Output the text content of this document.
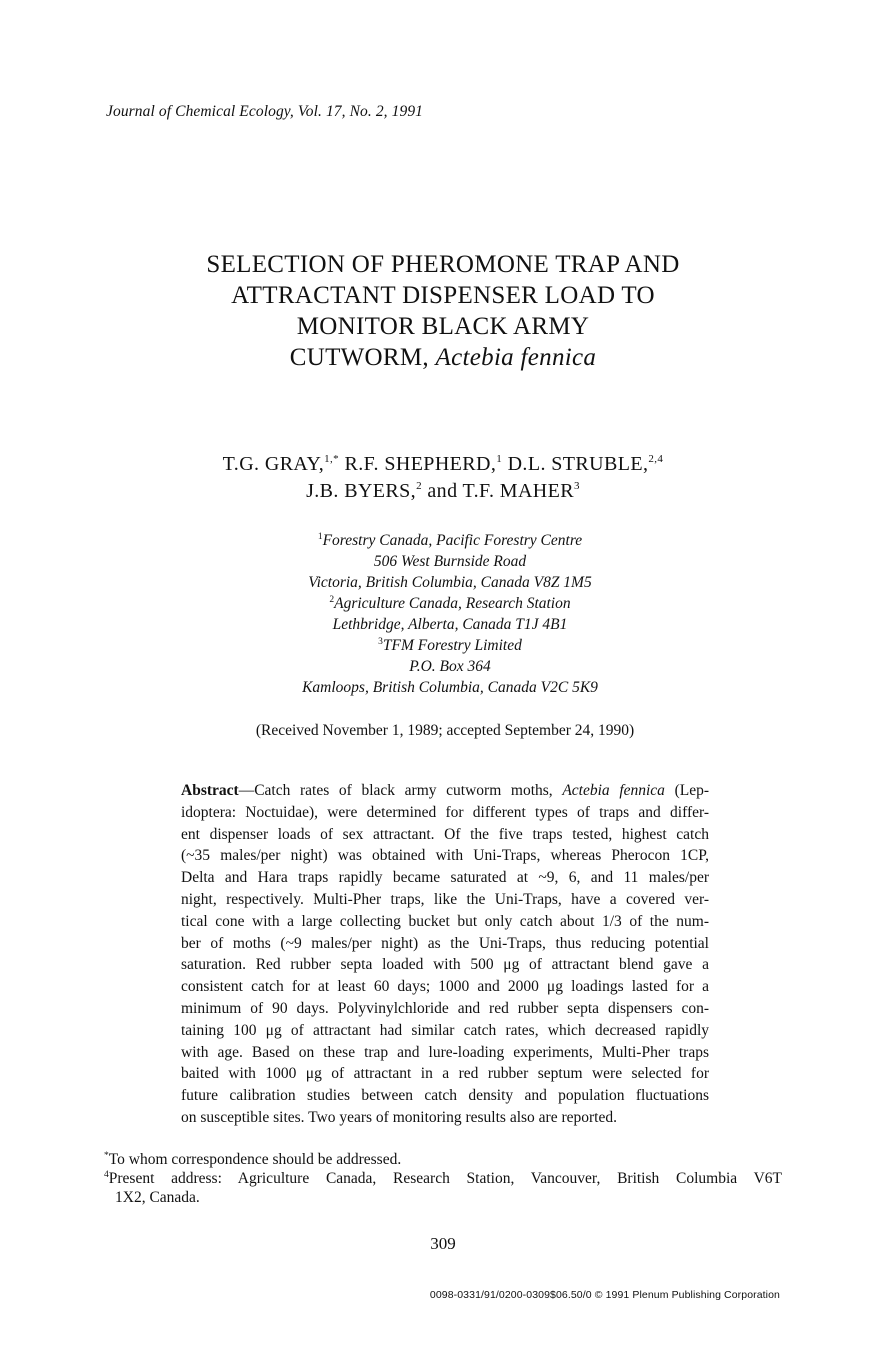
Journal of Chemical Ecology, Vol. 17, No. 2, 1991
SELECTION OF PHEROMONE TRAP AND
ATTRACTANT DISPENSER LOAD TO
MONITOR BLACK ARMY
CUTWORM, Actebia fennica
T.G. GRAY,$^{1,*}$ R.F. SHEPHERD,$^1$ D.L. STRUBLE,$^{2,4}$
J.B. BYERS,$^2$ and T.F. MAHER$^3$
$^1$Forestry Canada, Pacific Forestry Centre
506 West Burnside Road
Victoria, British Columbia, Canada V8Z 1M5
$^2$Agriculture Canada, Research Station
Lethbridge, Alberta, Canada T1J 4B1
$^3$TFM Forestry Limited
P.O. Box 364
Kamloops, British Columbia, Canada V2C 5K9
(Received November 1, 1989; accepted September 24, 1990)
Abstract—Catch rates of black army cutworm moths, Actebia fennica (Lep-
idoptera: Noctuidae), were determined for different types of traps and differ-
ent dispenser loads of sex attractant. Of the five traps tested, highest catch
(~35 males/per night) was obtained with Uni-Traps, whereas Pherocon 1CP,
Delta and Hara traps rapidly became saturated at ~9, 6, and 11 males/per
night, respectively. Multi-Pher traps, like the Uni-Traps, have a covered ver-
tical cone with a large collecting bucket but only catch about 1/3 of the num-
ber of moths (~9 males/per night) as the Uni-Traps, thus reducing potential
saturation. Red rubber septa loaded with 500 μg of attractant blend gave a
consistent catch for at least 60 days; 1000 and 2000 μg loadings lasted for a
minimum of 90 days. Polyvinylchloride and red rubber septa dispensers con-
taining 100 μg of attractant had similar catch rates, which decreased rapidly
with age. Based on these trap and lure-loading experiments, Multi-Pher traps
baited with 1000 μg of attractant in a red rubber septum were selected for
future calibration studies between catch density and population fluctuations
on susceptible sites. Two years of monitoring results also are reported.
*To whom correspondence should be addressed.
$^4$Present address: Agriculture Canada, Research Station, Vancouver, British Columbia V6T
1X2, Canada.
309
0098-0331/91/0200-0309$06.50/0 © 1991 Plenum Publishing Corporation
